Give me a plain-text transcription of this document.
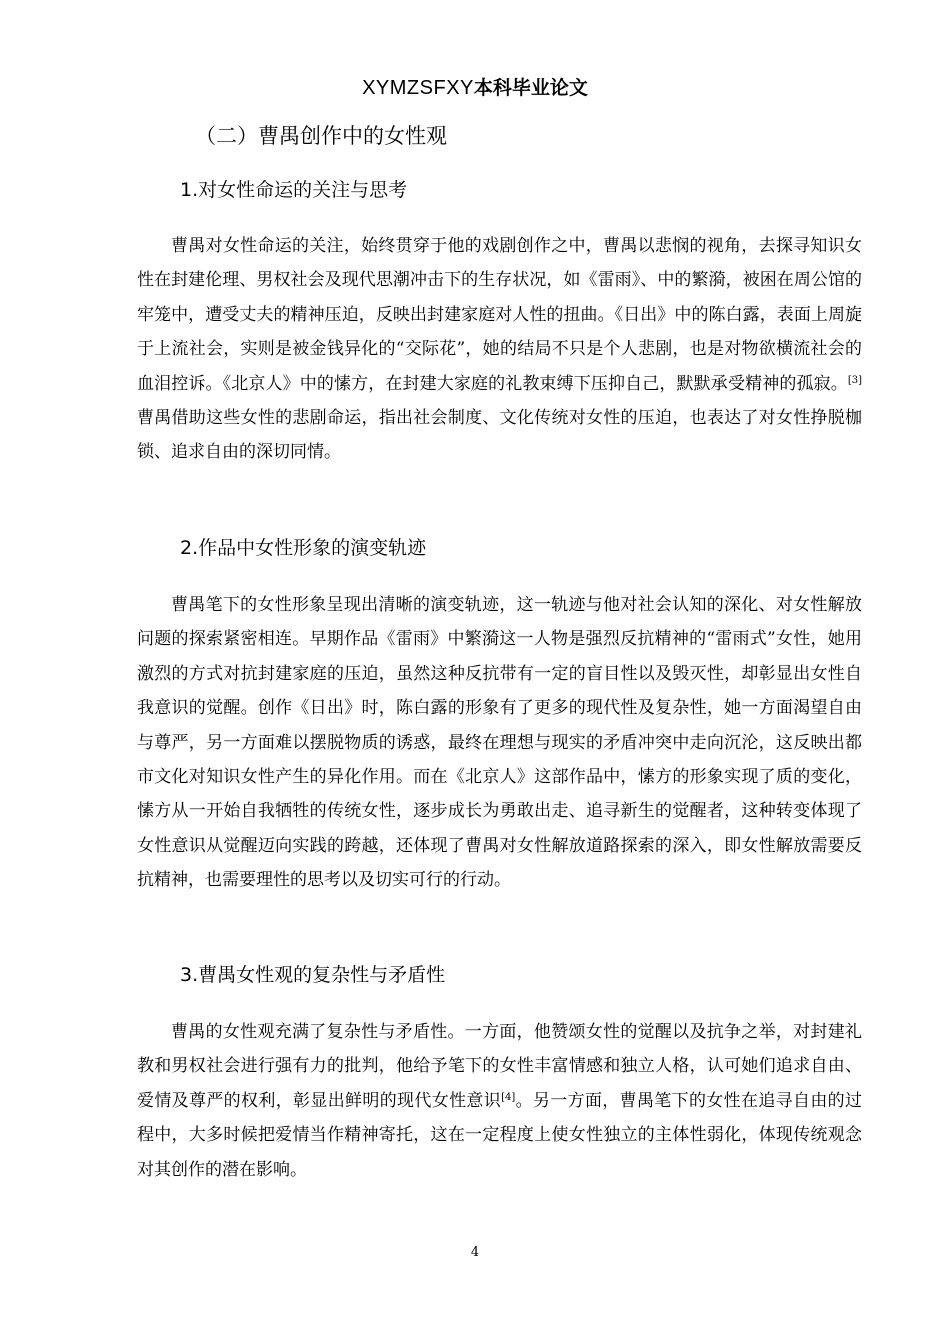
XYMZSFXY本科毕业论文
（二）曹禺创作中的女性观
1.对女性命运的关注与思考

曹禺对女性命运的关注，始终贯穿于他的戏剧创作之中，曹禺以悲悯的视角，去探寻知识女性在封建伦理、男权社会及现代思潮冲击下的生存状况，如《雷雨》、中的繁漪，被困在周公馆的牢笼中，遭受丈夫的精神压迫，反映出封建家庭对人性的扭曲。《日出》中的陈白露，表面上周旋于上流社会，实则是被金钱异化的“交际花”，她的结局不只是个人悲剧，也是对物欲横流社会的血泪控诉。《北京人》中的愫方，在封建大家庭的礼教束缚下压抑自己，默默承受精神的孤寂。[3]曹禺借助这些女性的悲剧命运，指出社会制度、文化传统对女性的压迫，也表达了对女性挣脱枷锁、追求自由的深切同情。

2.作品中女性形象的演变轨迹

曹禺笔下的女性形象呈现出清晰的演变轨迹，这一轨迹与他对社会认知的深化、对女性解放问题的探索紧密相连。早期作品《雷雨》中繁漪这一人物是强烈反抗精神的“雷雨式”女性，她用激烈的方式对抗封建家庭的压迫，虽然这种反抗带有一定的盲目性以及毁灭性，却彰显出女性自我意识的觉醒。创作《日出》时，陈白露的形象有了更多的现代性及复杂性，她一方面渴望自由与尊严，另一方面难以摆脱物质的诱惑，最终在理想与现实的矛盾冲突中走向沉沦，这反映出都市文化对知识女性产生的异化作用。而在《北京人》这部作品中，愫方的形象实现了质的变化，愫方从一开始自我牺牲的传统女性，逐步成长为勇敢出走、追寻新生的觉醒者，这种转变体现了女性意识从觉醒迈向实践的跨越，还体现了曹禺对女性解放道路探索的深入，即女性解放需要反抗精神，也需要理性的思考以及切实可行的行动。

3.曹禺女性观的复杂性与矛盾性

曹禺的女性观充满了复杂性与矛盾性。一方面，他赞颂女性的觉醒以及抗争之举，对封建礼教和男权社会进行强有力的批判，他给予笔下的女性丰富情感和独立人格，认可她们追求自由、爱情及尊严的权利，彰显出鲜明的现代女性意识[4]。另一方面，曹禺笔下的女性在追寻自由的过程中，大多时候把爱情当作精神寄托，这在一定程度上使女性独立的主体性弱化，体现传统观念对其创作的潜在影响。

4
